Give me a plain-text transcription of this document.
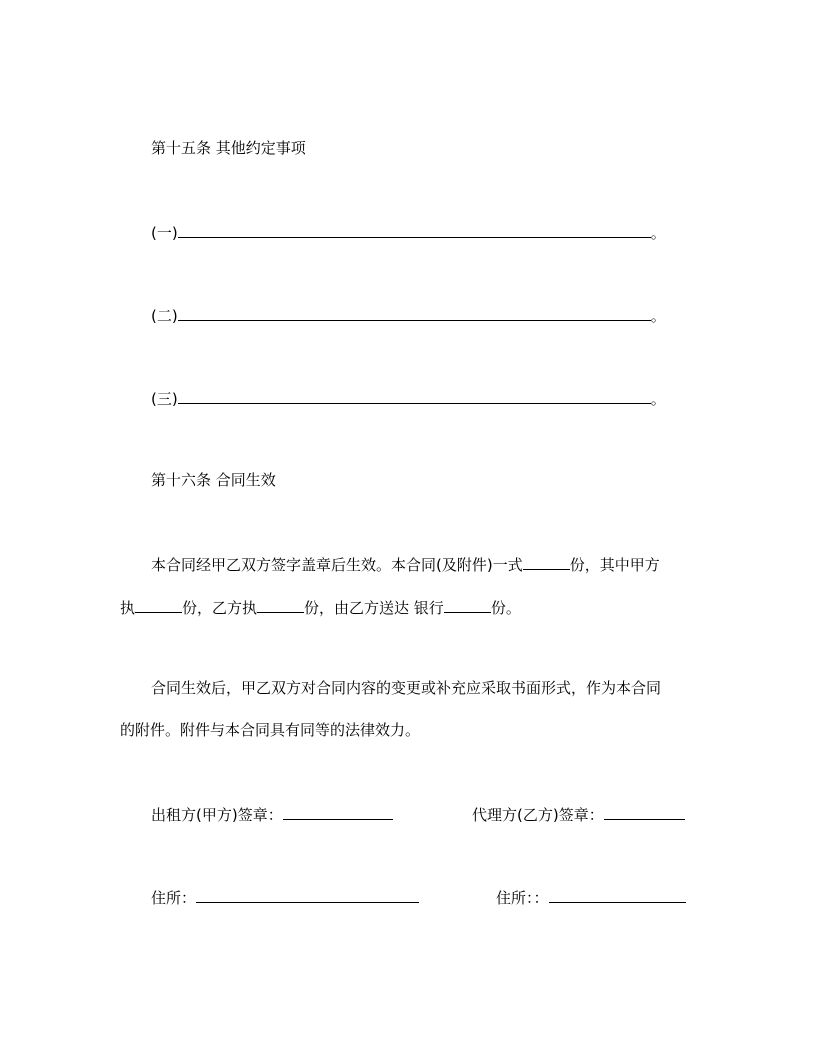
第十五条 其他约定事项
(一)	。
(二)	。
(三)	。
第十六条 合同生效
本合同经甲乙双方签字盖章后生效。本合同(及附件)一式	份，其中甲方
执	份，乙方执	份，由乙方送达 银行	份。
合同生效后，甲乙双方对合同内容的变更或补充应采取书面形式，作为本合同
的附件。附件与本合同具有同等的法律效力。
出租方(甲方)签章：	代理方(乙方)签章：
住所：	住所：：
